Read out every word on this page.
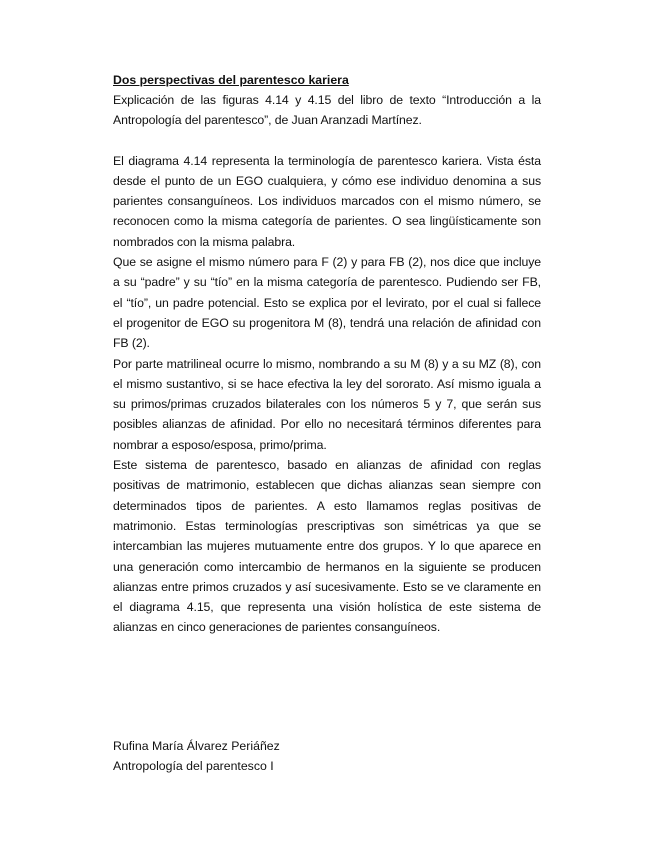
Dos perspectivas del parentesco kariera

Explicación de las figuras 4.14 y 4.15 del libro de texto “Introducción a la Antropología del parentesco”, de Juan Aranzadi Martínez.

El diagrama 4.14 representa la terminología de parentesco kariera. Vista ésta desde el punto de un EGO cualquiera, y cómo ese individuo denomina a sus parientes consanguíneos. Los individuos marcados con el mismo número, se reconocen como la misma categoría de parientes. O sea lingüísticamente son nombrados con la misma palabra.

Que se asigne el mismo número para F (2) y para FB (2), nos dice que incluye a su “padre” y su “tío” en la misma categoría de parentesco. Pudiendo ser FB, el “tío”, un padre potencial. Esto se explica por el levirato, por el cual si fallece el progenitor de EGO su progenitora M (8), tendrá una relación de afinidad con FB (2).

Por parte matrilineal ocurre lo mismo, nombrando a su M (8) y a su MZ (8), con el mismo sustantivo, si se hace efectiva la ley del sororato. Así mismo iguala a su primos/primas cruzados bilaterales con los números 5 y 7, que serán sus posibles alianzas de afinidad. Por ello no necesitará términos diferentes para nombrar a esposo/esposa, primo/prima.

Este sistema de parentesco, basado en alianzas de afinidad con reglas positivas de matrimonio, establecen que dichas alianzas sean siempre con determinados tipos de parientes. A esto llamamos reglas positivas de matrimonio. Estas terminologías prescriptivas son simétricas ya que se intercambian las mujeres mutuamente entre dos grupos. Y lo que aparece en una generación como intercambio de hermanos en la siguiente se producen alianzas entre primos cruzados y así sucesivamente. Esto se ve claramente en el diagrama 4.15, que representa una visión holística de este sistema de alianzas en cinco generaciones de parientes consanguíneos.

Rufina María Álvarez Periáñez

Antropología del parentesco I
